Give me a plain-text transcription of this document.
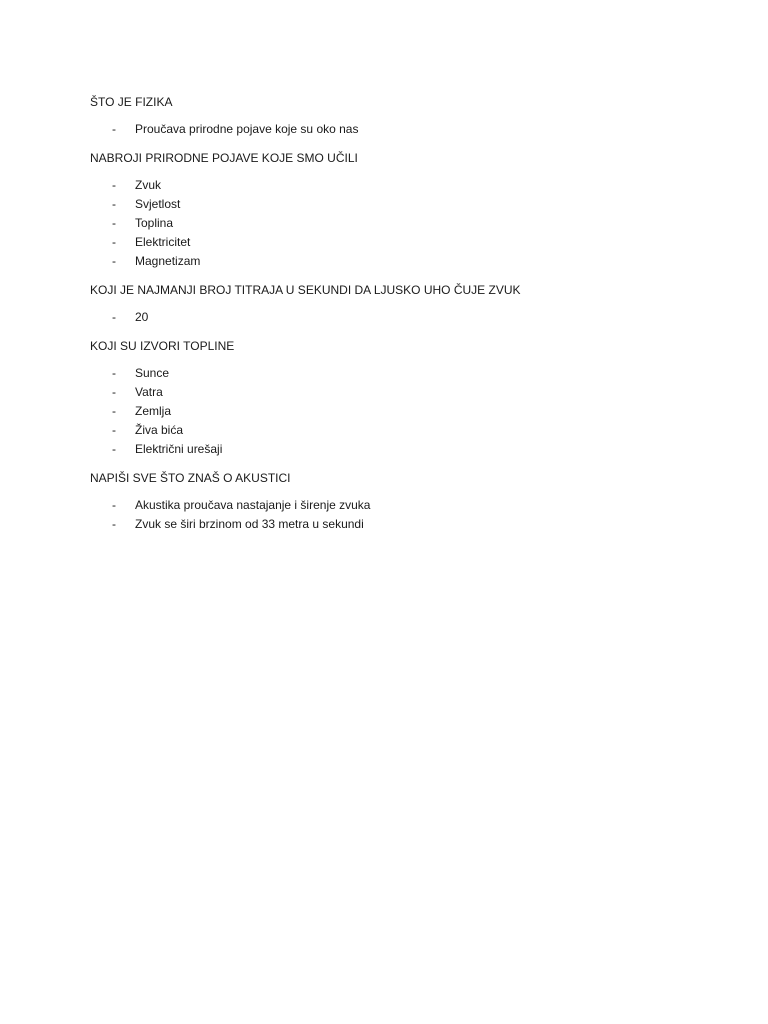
ŠTO JE FIZIKA
- Proučava prirodne pojave koje su oko nas
NABROJI PRIRODNE POJAVE KOJE SMO UČILI
- Zvuk
- Svjetlost
- Toplina
- Elektricitet
- Magnetizam
KOJI JE NAJMANJI BROJ TITRAJA U SEKUNDI DA LJUSKO UHO ČUJE ZVUK
- 20
KOJI SU IZVORI TOPLINE
- Sunce
- Vatra
- Zemlja
- Živa bića
- Električni urešaji
NAPIŠI SVE ŠTO ZNAŠ O AKUSTICI
- Akustika proučava nastajanje i širenje zvuka
- Zvuk se širi brzinom od 33 metra u sekundi
